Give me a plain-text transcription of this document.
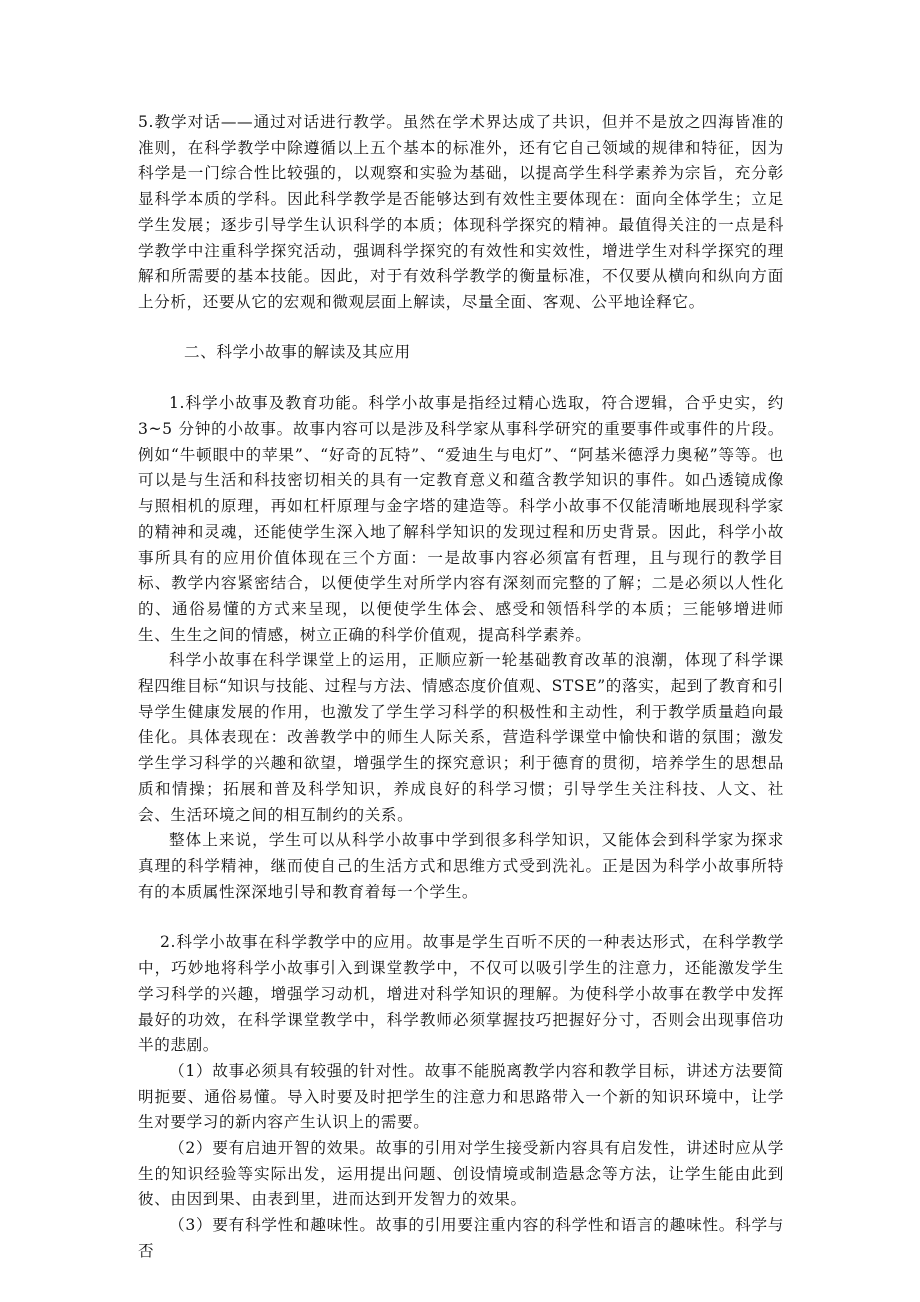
5.教学对话——通过对话进行教学。虽然在学术界达成了共识，但并不是放之四海皆准的准则，在科学教学中除遵循以上五个基本的标准外，还有它自己领域的规律和特征，因为科学是一门综合性比较强的，以观察和实验为基础，以提高学生科学素养为宗旨，充分彰显科学本质的学科。因此科学教学是否能够达到有效性主要体现在：面向全体学生；立足学生发展；逐步引导学生认识科学的本质；体现科学探究的精神。最值得关注的一点是科学教学中注重科学探究活动，强调科学探究的有效性和实效性，增进学生对科学探究的理解和所需要的基本技能。因此，对于有效科学教学的衡量标准，不仅要从横向和纵向方面上分析，还要从它的宏观和微观层面上解读，尽量全面、客观、公平地诠释它。

二、科学小故事的解读及其应用

1.科学小故事及教育功能。科学小故事是指经过精心选取，符合逻辑，合乎史实，约 3~5 分钟的小故事。故事内容可以是涉及科学家从事科学研究的重要事件或事件的片段。例如“牛顿眼中的苹果”、“好奇的瓦特”、“爱迪生与电灯”、“阿基米德浮力奥秘”等等。也可以是与生活和科技密切相关的具有一定教育意义和蕴含教学知识的事件。如凸透镜成像与照相机的原理，再如杠杆原理与金字塔的建造等。科学小故事不仅能清晰地展现科学家的精神和灵魂，还能使学生深入地了解科学知识的发现过程和历史背景。因此，科学小故事所具有的应用价值体现在三个方面：一是故事内容必须富有哲理，且与现行的教学目标、教学内容紧密结合，以便使学生对所学内容有深刻而完整的了解；二是必须以人性化的、通俗易懂的方式来呈现，以便使学生体会、感受和领悟科学的本质；三能够增进师生、生生之间的情感，树立正确的科学价值观，提高科学素养。

科学小故事在科学课堂上的运用，正顺应新一轮基础教育改革的浪潮，体现了科学课程四维目标“知识与技能、过程与方法、情感态度价值观、STSE”的落实，起到了教育和引导学生健康发展的作用，也激发了学生学习科学的积极性和主动性，利于教学质量趋向最佳化。具体表现在：改善教学中的师生人际关系，营造科学课堂中愉快和谐的氛围；激发学生学习科学的兴趣和欲望，增强学生的探究意识；利于德育的贯彻，培养学生的思想品质和情操；拓展和普及科学知识，养成良好的科学习惯；引导学生关注科技、人文、社会、生活环境之间的相互制约的关系。

整体上来说，学生可以从科学小故事中学到很多科学知识，又能体会到科学家为探求真理的科学精神，继而使自己的生活方式和思维方式受到洗礼。正是因为科学小故事所特有的本质属性深深地引导和教育着每一个学生。

2.科学小故事在科学教学中的应用。故事是学生百听不厌的一种表达形式，在科学教学中，巧妙地将科学小故事引入到课堂教学中，不仅可以吸引学生的注意力，还能激发学生学习科学的兴趣，增强学习动机，增进对科学知识的理解。为使科学小故事在教学中发挥最好的功效，在科学课堂教学中，科学教师必须掌握技巧把握好分寸，否则会出现事倍功半的悲剧。

（1）故事必须具有较强的针对性。故事不能脱离教学内容和教学目标，讲述方法要简明扼要、通俗易懂。导入时要及时把学生的注意力和思路带入一个新的知识环境中，让学生对要学习的新内容产生认识上的需要。

（2）要有启迪开智的效果。故事的引用对学生接受新内容具有启发性，讲述时应从学生的知识经验等实际出发，运用提出问题、创设情境或制造悬念等方法，让学生能由此到彼、由因到果、由表到里，进而达到开发智力的效果。

（3）要有科学性和趣味性。故事的引用要注重内容的科学性和语言的趣味性。科学与否
